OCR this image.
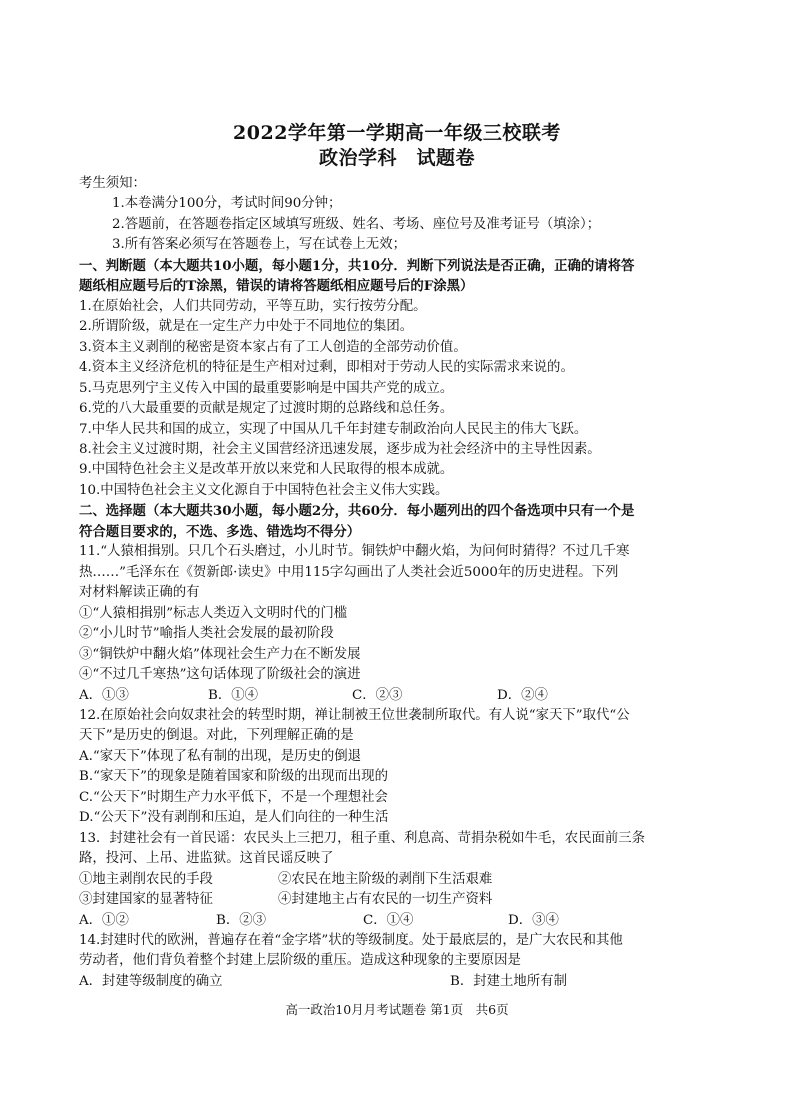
2022学年第一学期高一年级三校联考
政治学科　试题卷
考生须知：
1.本卷满分100分，考试时间90分钟；
2.答题前，在答题卷指定区域填写班级、姓名、考场、座位号及准考证号（填涂）；
3.所有答案必须写在答题卷上，写在试卷上无效；
一、判断题（本大题共10小题，每小题1分，共10分．判断下列说法是否正确，正确的请将答
题纸相应题号后的T涂黑，错误的请将答题纸相应题号后的F涂黑）
1.在原始社会，人们共同劳动，平等互助，实行按劳分配。
2.所谓阶级，就是在一定生产力中处于不同地位的集团。
3.资本主义剥削的秘密是资本家占有了工人创造的全部劳动价值。
4.资本主义经济危机的特征是生产相对过剩，即相对于劳动人民的实际需求来说的。
5.马克思列宁主义传入中国的最重要影响是中国共产党的成立。
6.党的八大最重要的贡献是规定了过渡时期的总路线和总任务。
7.中华人民共和国的成立，实现了中国从几千年封建专制政治向人民民主的伟大飞跃。
8.社会主义过渡时期，社会主义国营经济迅速发展，逐步成为社会经济中的主导性因素。
9.中国特色社会主义是改革开放以来党和人民取得的根本成就。
10.中国特色社会主义文化源自于中国特色社会主义伟大实践。
二、选择题（本大题共30小题，每小题2分，共60分．每小题列出的四个备选项中只有一个是
符合题目要求的，不选、多选、错选均不得分）
11.“人猿相揖别。只几个石头磨过，小儿时节。铜铁炉中翻火焰，为问何时猜得？不过几千寒
热……”毛泽东在《贺新郎·读史》中用115字勾画出了人类社会近5000年的历史进程。下列
对材料解读正确的有
①“人猿相揖别”标志人类迈入文明时代的门槛
②“小儿时节”喻指人类社会发展的最初阶段
③“铜铁炉中翻火焰”体现社会生产力在不断发展
④“不过几千寒热”这句话体现了阶级社会的演进
A．①③	B．①④	C．②③	D．②④
12.在原始社会向奴隶社会的转型时期，禅让制被王位世袭制所取代。有人说“家天下”取代“公
天下”是历史的倒退。对此，下列理解正确的是
A.“家天下”体现了私有制的出现，是历史的倒退
B.“家天下”的现象是随着国家和阶级的出现而出现的
C.“公天下”时期生产力水平低下，不是一个理想社会
D.“公天下”没有剥削和压迫，是人们向往的一种生活
13．封建社会有一首民谣：农民头上三把刀，租子重、利息高、苛捐杂税如牛毛，农民面前三条
路，投河、上吊、进监狱。这首民谣反映了
①地主剥削农民的手段	②农民在地主阶级的剥削下生活艰难
③封建国家的显著特征	④封建地主占有农民的一切生产资料
A．①②	B．②③	C．①④	D．③④
14.封建时代的欧洲，普遍存在着“金字塔”状的等级制度。处于最底层的，是广大农民和其他
劳动者，他们背负着整个封建上层阶级的重压。造成这种现象的主要原因是
A．封建等级制度的确立	B．封建土地所有制
高一政治10月月考试题卷 第1页　共6页
